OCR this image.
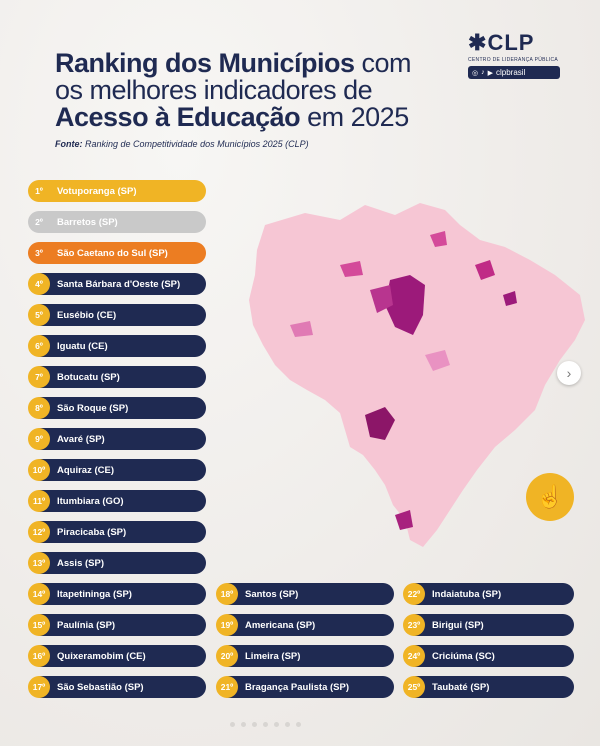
Ranking dos Municípios com
os melhores indicadores de
Acesso à Educação em 2025
Fonte: Ranking de Competitividade dos Municípios 2025 (CLP)
✱CLP
CENTRO DE LIDERANÇA PÚBLICA
◎ ♪ ▶ clpbrasil
›
☝
1º	Votuporanga (SP)
2º	Barretos (SP)
3º	São Caetano do Sul (SP)
4º	Santa Bárbara d'Oeste (SP)
5º	Eusébio (CE)
6º	Iguatu (CE)
7º	Botucatu (SP)
8º	São Roque (SP)
9º	Avaré (SP)
10º	Aquiraz (CE)
11º	Itumbiara (GO)
12º	Piracicaba (SP)
13º	Assis (SP)
14º	Itapetininga (SP)
15º	Paulínia (SP)
16º	Quixeramobim (CE)
17º	São Sebastião (SP)
18º	Santos (SP)
19º	Americana (SP)
20º	Limeira (SP)
21º	Bragança Paulista (SP)
22º	Indaiatuba (SP)
23º	Birigui (SP)
24º	Criciúma (SC)
25º	Taubaté (SP)
